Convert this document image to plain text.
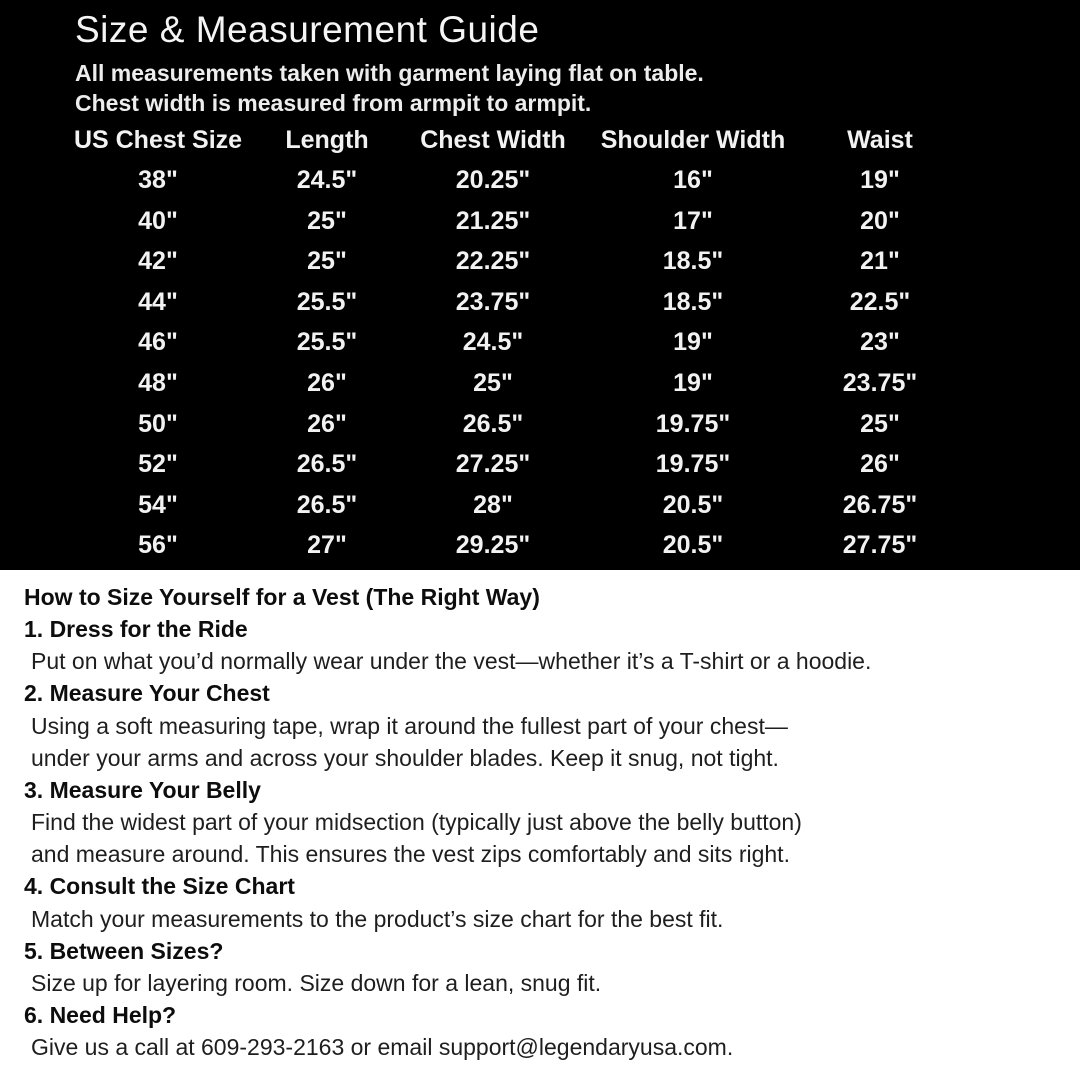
Size & Measurement Guide
All measurements taken with garment laying flat on table.
Chest width is measured from armpit to armpit.
US Chest Size	Length	Chest Width	Shoulder Width	Waist
38"	24.5"	20.25"	16"	19"
40"	25"	21.25"	17"	20"
42"	25"	22.25"	18.5"	21"
44"	25.5"	23.75"	18.5"	22.5"
46"	25.5"	24.5"	19"	23"
48"	26"	25"	19"	23.75"
50"	26"	26.5"	19.75"	25"
52"	26.5"	27.25"	19.75"	26"
54"	26.5"	28"	20.5"	26.75"
56"	27"	29.25"	20.5"	27.75"
How to Size Yourself for a Vest (The Right Way)
1. Dress for the Ride
Put on what you’d normally wear under the vest—whether it’s a T-shirt or a hoodie.
2. Measure Your Chest
Using a soft measuring tape, wrap it around the fullest part of your chest—
under your arms and across your shoulder blades. Keep it snug, not tight.
3. Measure Your Belly
Find the widest part of your midsection (typically just above the belly button)
and measure around. This ensures the vest zips comfortably and sits right.
4. Consult the Size Chart
Match your measurements to the product’s size chart for the best fit.
5. Between Sizes?
Size up for layering room. Size down for a lean, snug fit.
6. Need Help?
Give us a call at 609-293-2163 or email support@legendaryusa.com.
